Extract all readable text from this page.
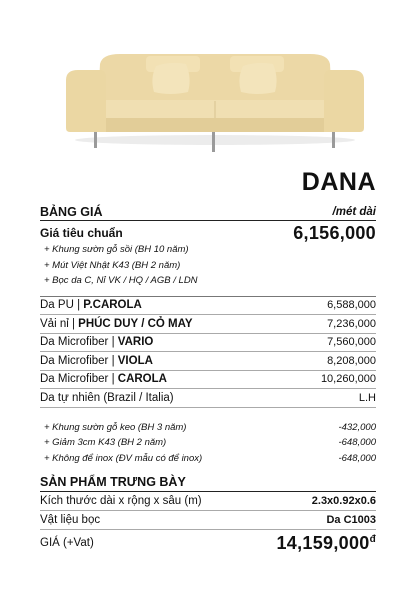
DANA
BẢNG GIÁ	/mét dài
Giá tiêu chuẩn	6,156,000
+ Khung sườn gỗ sồi (BH 10 năm)
+ Mút Việt Nhật K43 (BH 2 năm)
+ Bọc da C, Nỉ VK / HQ / AGB / LDN
Da PU | P.CAROLA	6,588,000
Vải nỉ | PHÚC DUY / CỎ MAY	7,236,000
Da Microfiber | VARIO	7,560,000
Da Microfiber | VIOLA	8,208,000
Da Microfiber | CAROLA	10,260,000
Da tự nhiên (Brazil / Italia)	L.H
+ Khung sườn gỗ keo (BH 3 năm)	-432,000
+ Giảm 3cm K43 (BH 2 năm)	-648,000
+ Không để inox (ĐV mẫu có để inox)	-648,000
SẢN PHẨM TRƯNG BÀY
Kích thước dài x rộng x sâu (m)	2.3x0.92x0.6
Vật liệu bọc	Da C1003
GIÁ (+Vat)	$14,159,000^đ$
